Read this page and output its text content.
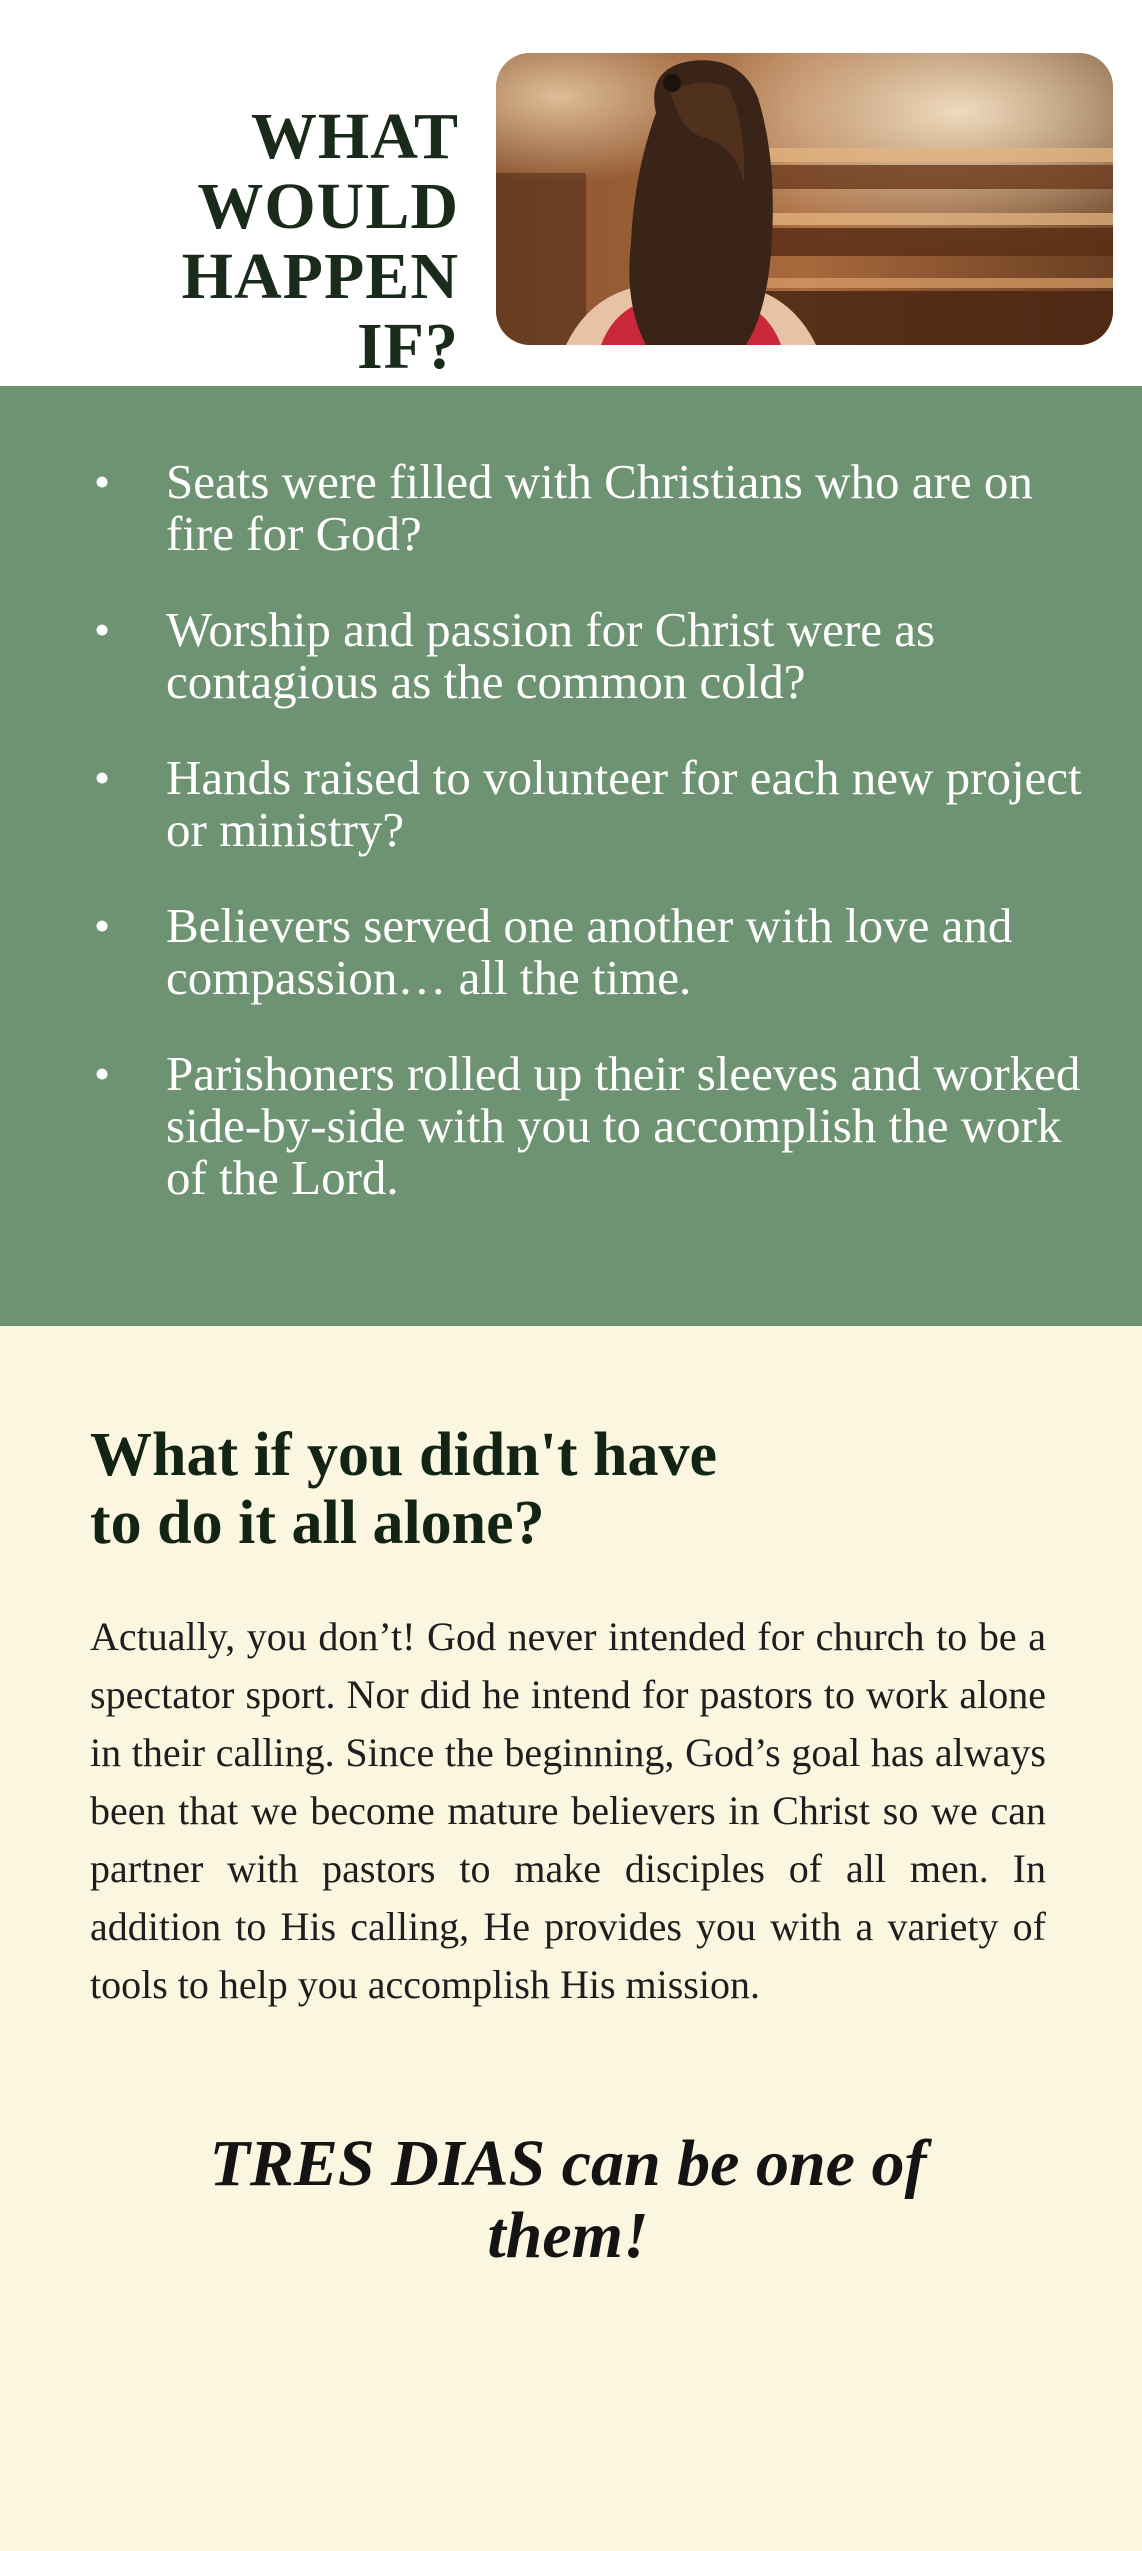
WHAT
WOULD
HAPPEN
IF?
• Seats were filled with Christians who are on fire for God?
• Worship and passion for Christ were as contagious as the common cold?
• Hands raised to volunteer for each new project or ministry?
• Believers served one another with love and compassion… all the time.
• Parishoners rolled up their sleeves and worked side-by-side with you to accomplish the work of the Lord.
What if you didn't have
to do it all alone?

Actually, you don’t! God never intended for church to be a spectator sport. Nor did he intend for pastors to work alone in their calling. Since the beginning, God’s goal has always been that we become mature believers in Christ so we can partner with pastors to make disciples of all men. In addition to His calling, He provides you with a variety of tools to help you accomplish His mission.

TRES DIAS can be one of
them!
